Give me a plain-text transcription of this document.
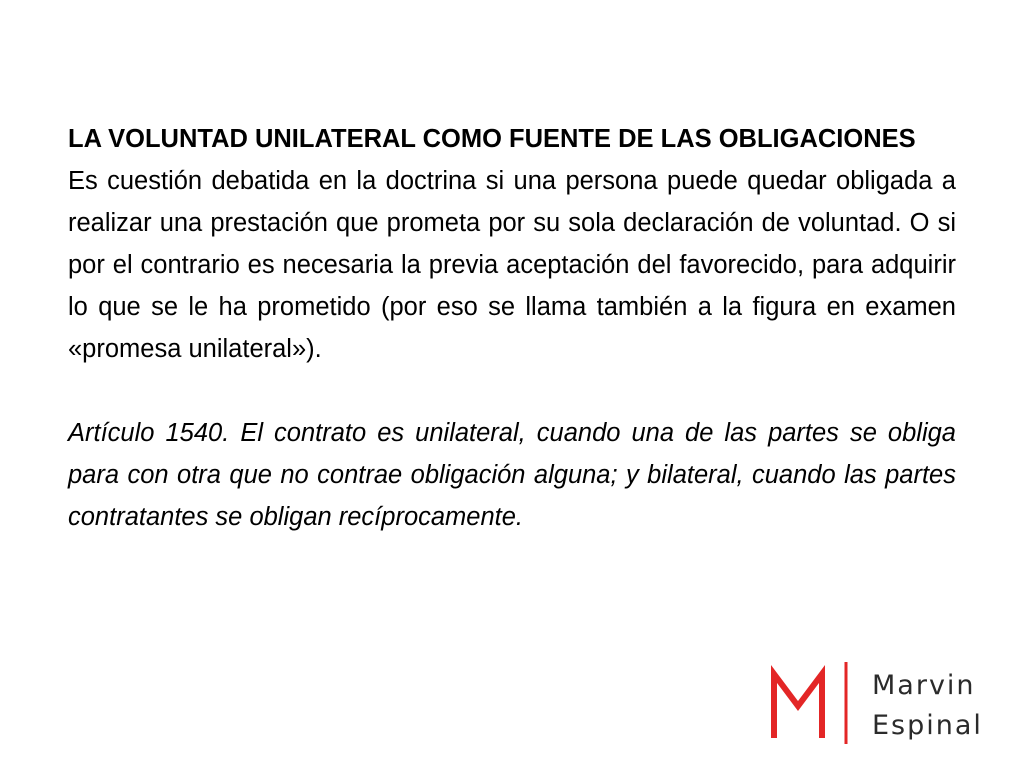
LA VOLUNTAD UNILATERAL COMO FUENTE DE LAS OBLIGACIONES

Es cuestión debatida en la doctrina si una persona puede quedar obligada a realizar una prestación que prometa por su sola declaración de voluntad. O si por el contrario es necesaria la previa aceptación del favorecido, para adquirir lo que se le ha prometido (por eso se llama también a la figura en examen «promesa unilateral»).

Artículo 1540. El contrato es unilateral, cuando una de las partes se obliga para con otra que no contrae obligación alguna; y bilateral, cuando las partes contratantes se obligan recíprocamente.

Marvin
Espinal
